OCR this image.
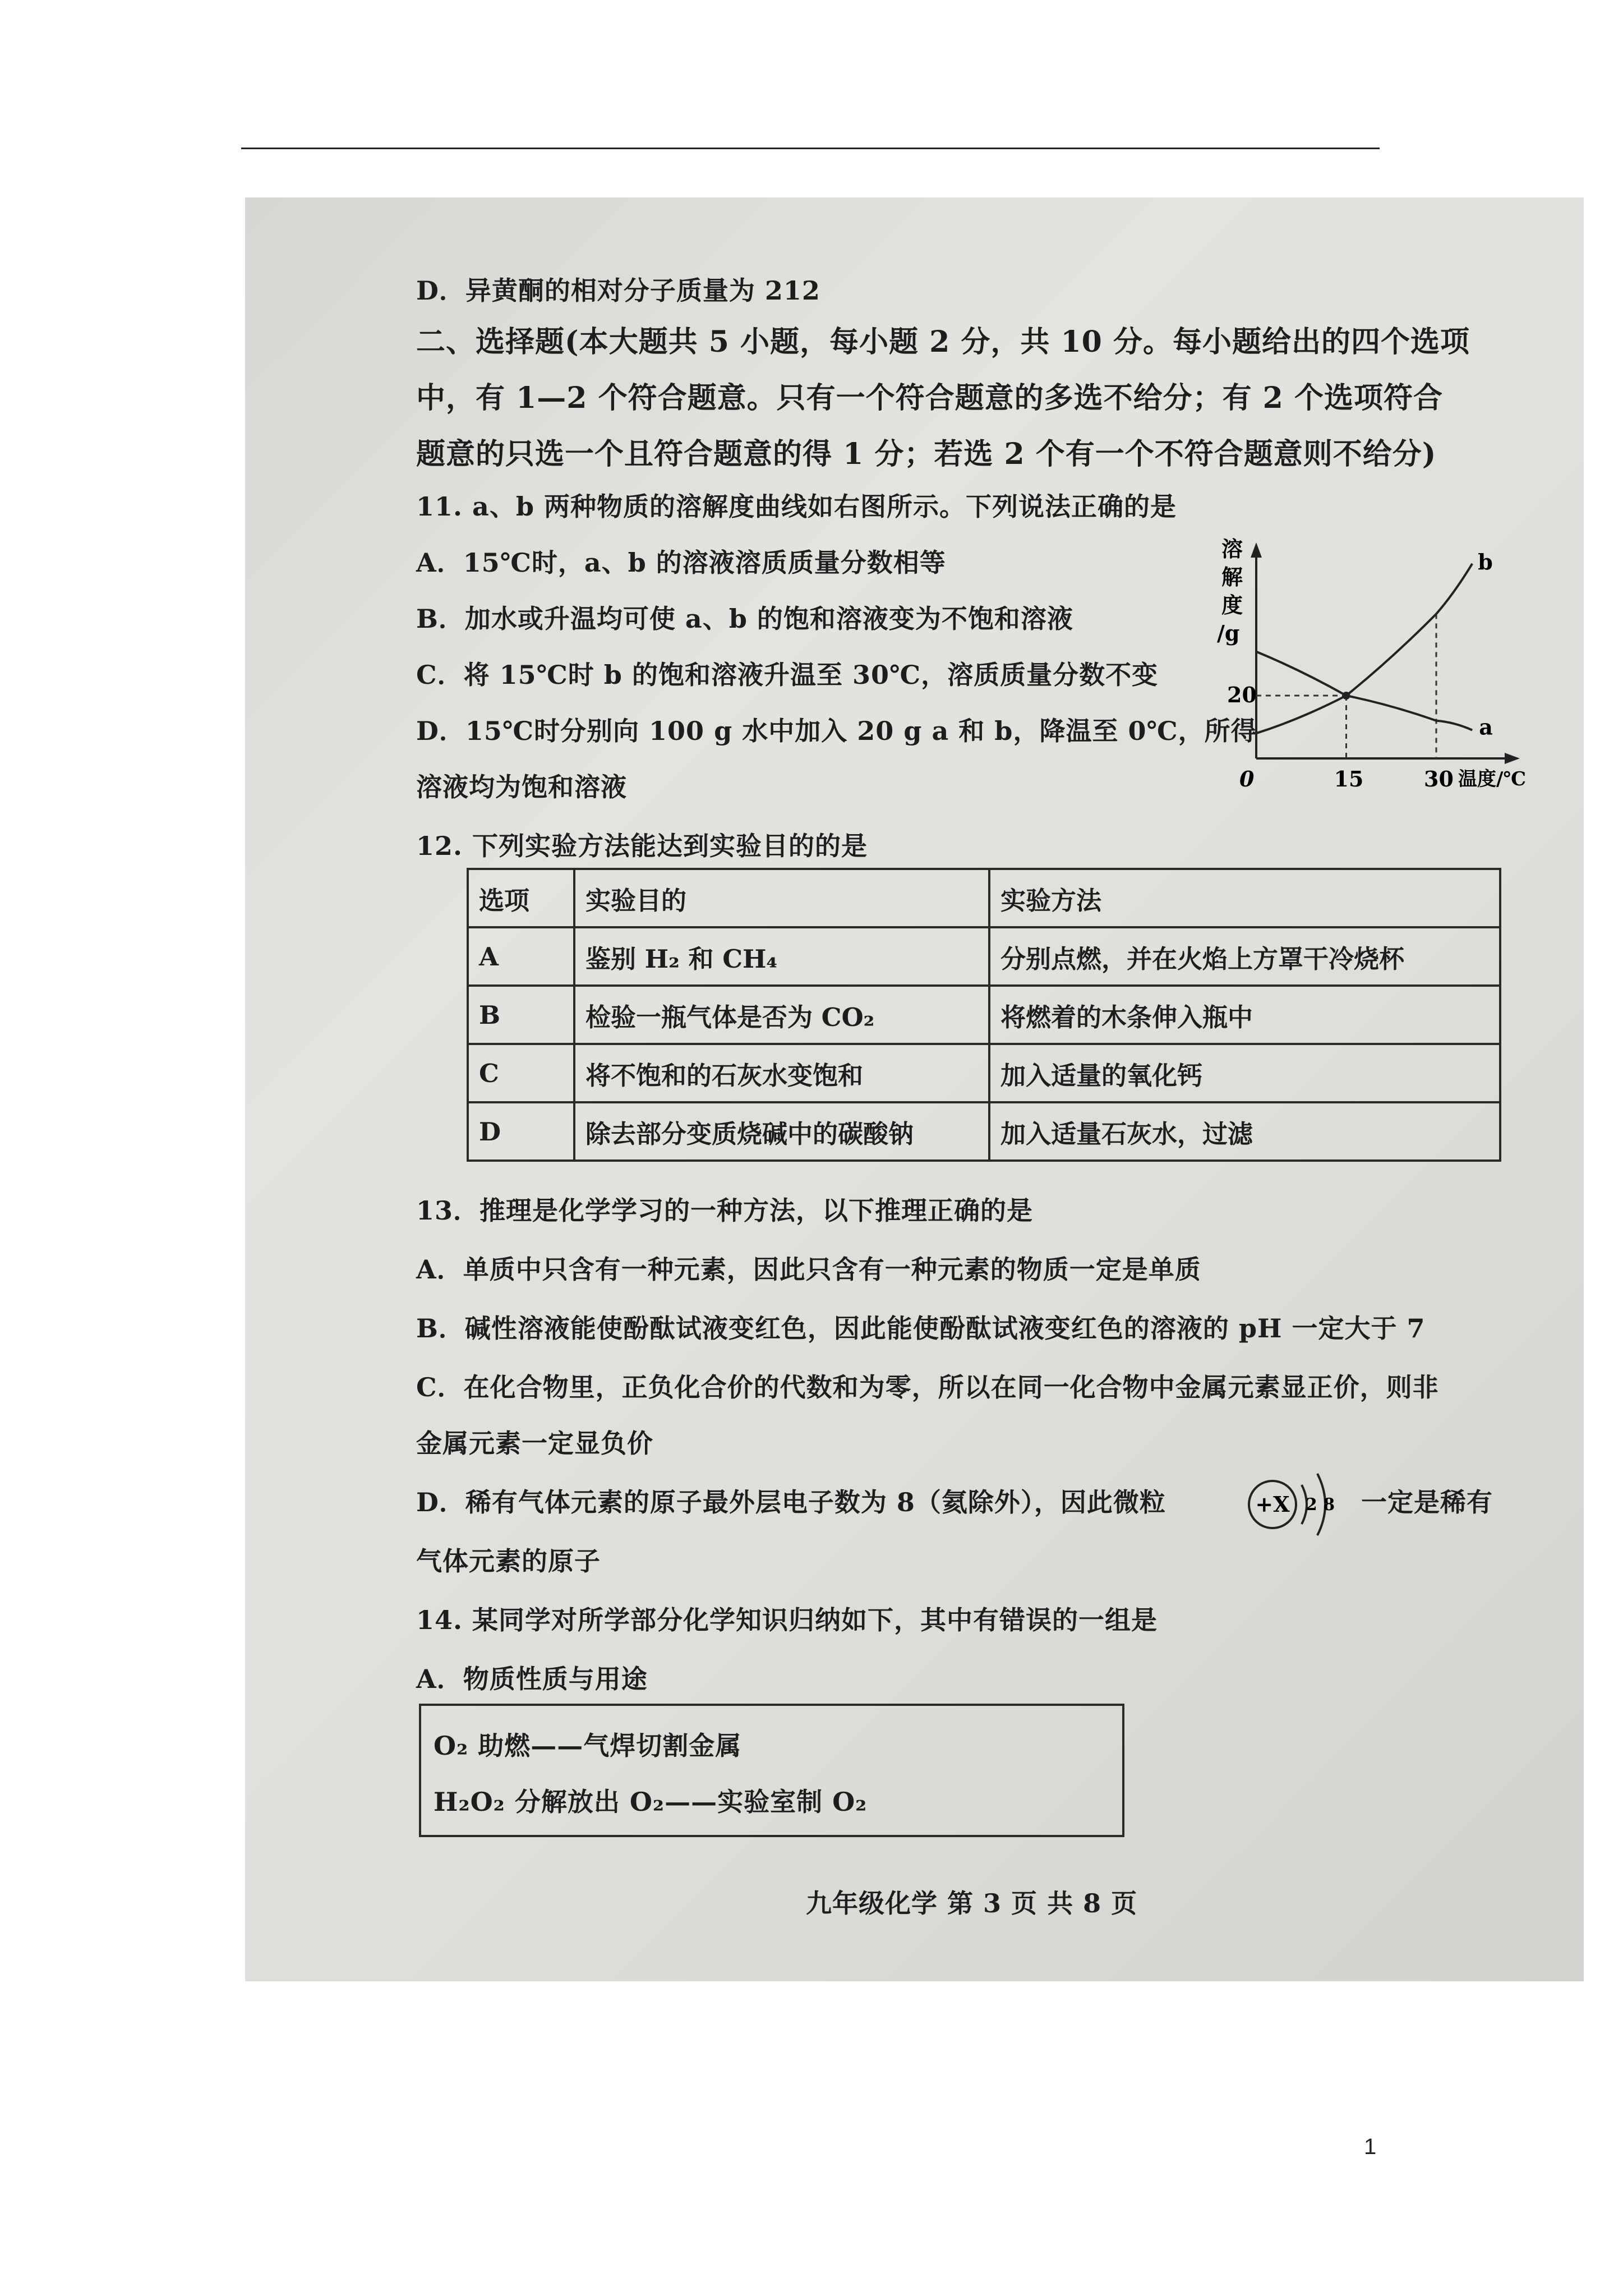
D．异黄酮的相对分子质量为 212
二、选择题(本大题共 5 小题，每小题 2 分，共 10 分。每小题给出的四个选项
中，有 1—2 个符合题意。只有一个符合题意的多选不给分；有 2 个选项符合
题意的只选一个且符合题意的得 1 分；若选 2 个有一个不符合题意则不给分)
11. a、b 两种物质的溶解度曲线如右图所示。下列说法正确的是
A．15℃时，a、b 的溶液溶质质量分数相等
B．加水或升温均可使 a、b 的饱和溶液变为不饱和溶液
C．将 15℃时 b 的饱和溶液升温至 30℃，溶质质量分数不变
D．15℃时分别向 100 g 水中加入 20 g a 和 b，降温至 0℃，所得
溶液均为饱和溶液
溶
解
度
/g
a
b
20
0	15	30 温度/℃
12. 下列实验方法能达到实验目的的是
选项	实验目的	实验方法
A	鉴别 H₂ 和 CH₄	分别点燃，并在火焰上方罩干冷烧杯
B	检验一瓶气体是否为 CO₂	将燃着的木条伸入瓶中
C	将不饱和的石灰水变饱和	加入适量的氧化钙
D	除去部分变质烧碱中的碳酸钠	加入适量石灰水，过滤
13．推理是化学学习的一种方法，以下推理正确的是
A．单质中只含有一种元素，因此只含有一种元素的物质一定是单质
B．碱性溶液能使酚酞试液变红色，因此能使酚酞试液变红色的溶液的 pH 一定大于 7
C．在化合物里，正负化合价的代数和为零，所以在同一化合物中金属元素显正价，则非
金属元素一定显负价
D．稀有气体元素的原子最外层电子数为 8（氦除外），因此微粒	+X 2 8 一定是稀有
气体元素的原子
14. 某同学对所学部分化学知识归纳如下，其中有错误的一组是
A．物质性质与用途
O₂ 助燃——气焊切割金属
H₂O₂ 分解放出 O₂——实验室制 O₂
九年级化学 第 3 页 共 8 页
1
